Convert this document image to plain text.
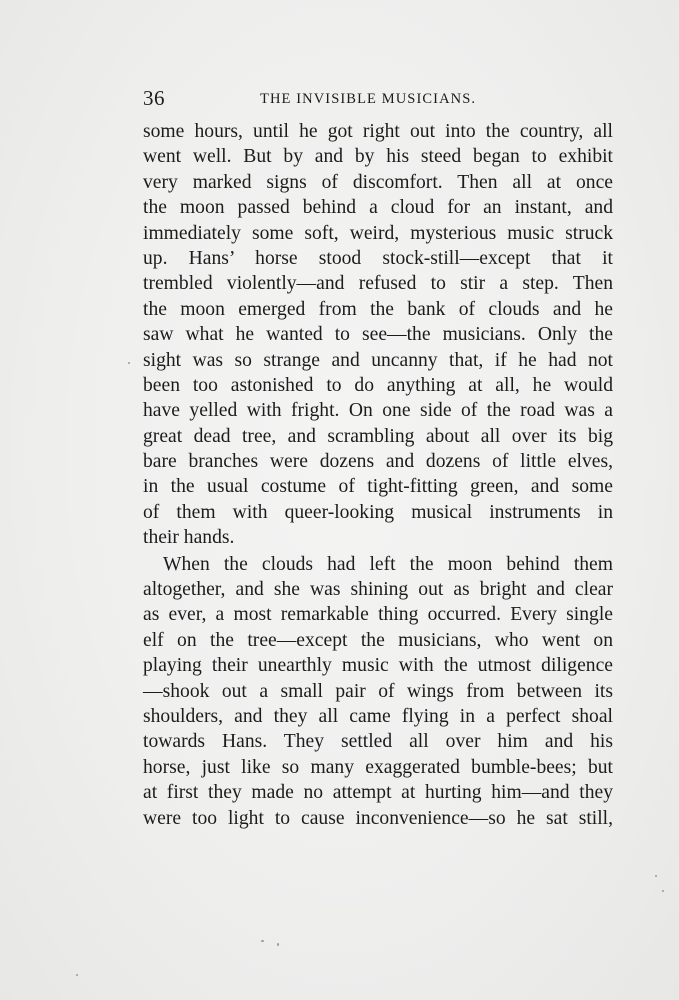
36	THE INVISIBLE MUSICIANS.
some hours, until he got right out into the country, all
went well. But by and by his steed began to exhibit
very marked signs of discomfort. Then all at once
the moon passed behind a cloud for an instant, and
immediately some soft, weird, mysterious music struck
up. Hans’ horse stood stock-still—except that it
trembled violently—and refused to stir a step. Then
the moon emerged from the bank of clouds and he
saw what he wanted to see—the musicians. Only the
sight was so strange and uncanny that, if he had not
been too astonished to do anything at all, he would
have yelled with fright. On one side of the road was a
great dead tree, and scrambling about all over its big
bare branches were dozens and dozens of little elves,
in the usual costume of tight-fitting green, and some
of them with queer-looking musical instruments in
their hands.
When the clouds had left the moon behind them
altogether, and she was shining out as bright and clear
as ever, a most remarkable thing occurred. Every single
elf on the tree—except the musicians, who went on
playing their unearthly music with the utmost diligence
—shook out a small pair of wings from between its
shoulders, and they all came flying in a perfect shoal
towards Hans. They settled all over him and his
horse, just like so many exaggerated bumble-bees; but
at first they made no attempt at hurting him—and they
were too light to cause inconvenience—so he sat still,
